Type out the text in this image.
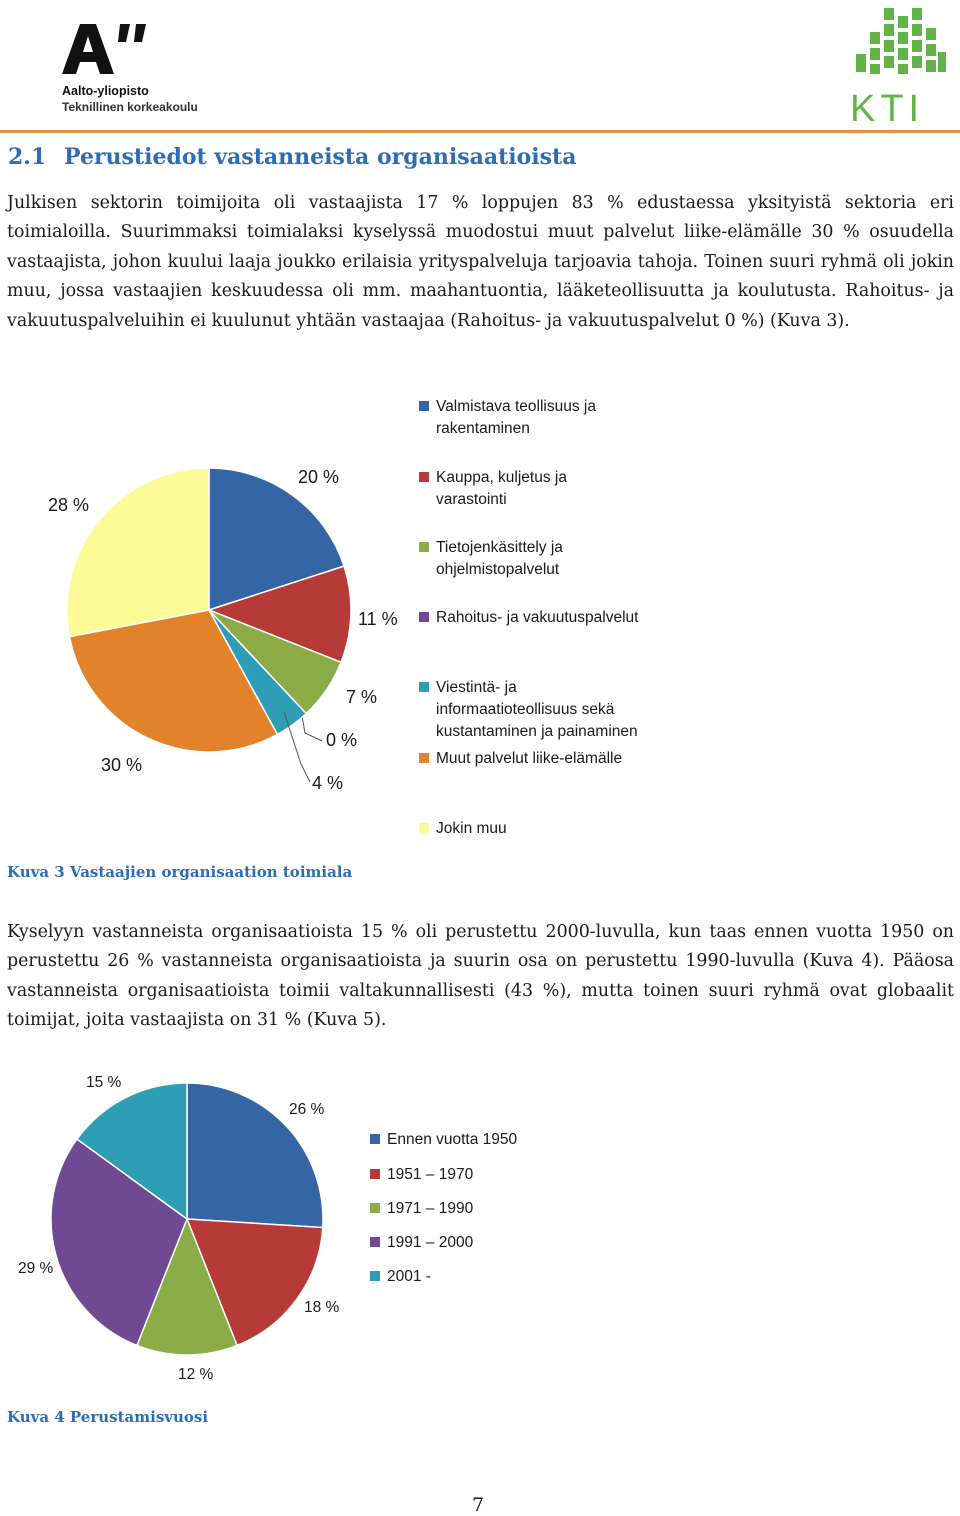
Aalto-yliopisto
Teknillinen korkeakoulu	KTI
2.1 Perustiedot vastanneista organisaatioista

Julkisen sektorin toimijoita oli vastaajista 17 % loppujen 83 % edustaessa yksityistä sektoria eri toimialoilla. Suurimmaksi toimialaksi kyselyssä muodostui muut palvelut liike-elämälle 30 % osuudella vastaajista, johon kuului laaja joukko erilaisia yrityspalveluja tarjoavia tahoja. Toinen suuri ryhmä oli jokin muu, jossa vastaajien keskuudessa oli mm. maahantuontia, lääketeollisuutta ja koulutusta. Rahoitus- ja vakuutuspalveluihin ei kuulunut yhtään vastaajaa (Rahoitus- ja vakuutuspalvelut 0 %) (Kuva 3).

20 %
11 %
7 %
0 %
4 %
30 %
28 %
Valmistava teollisuus ja
rakentaminen
Kauppa, kuljetus ja
varastointi
Tietojenkäsittely ja
ohjelmistopalvelut
Rahoitus- ja vakuutuspalvelut
Viestintä- ja
informaatioteollisuus sekä
kustantaminen ja painaminen
Muut palvelut liike-elämälle
Jokin muu
26 %
18 %
12 %
29 %
15 %
Ennen vuotta 1950
1951 – 1970
1971 – 1990
1991 – 2000
2001 -
Kuva 3 Vastaajien organisaation toimiala

Kyselyyn vastanneista organisaatioista 15 % oli perustettu 2000-luvulla, kun taas ennen vuotta 1950 on perustettu 26 % vastanneista organisaatioista ja suurin osa on perustettu 1990-luvulla (Kuva 4). Pääosa vastanneista organisaatioista toimii valtakunnallisesti (43 %), mutta toinen suuri ryhmä ovat globaalit toimijat, joita vastaajista on 31 % (Kuva 5).

Kuva 4 Perustamisvuosi
7
